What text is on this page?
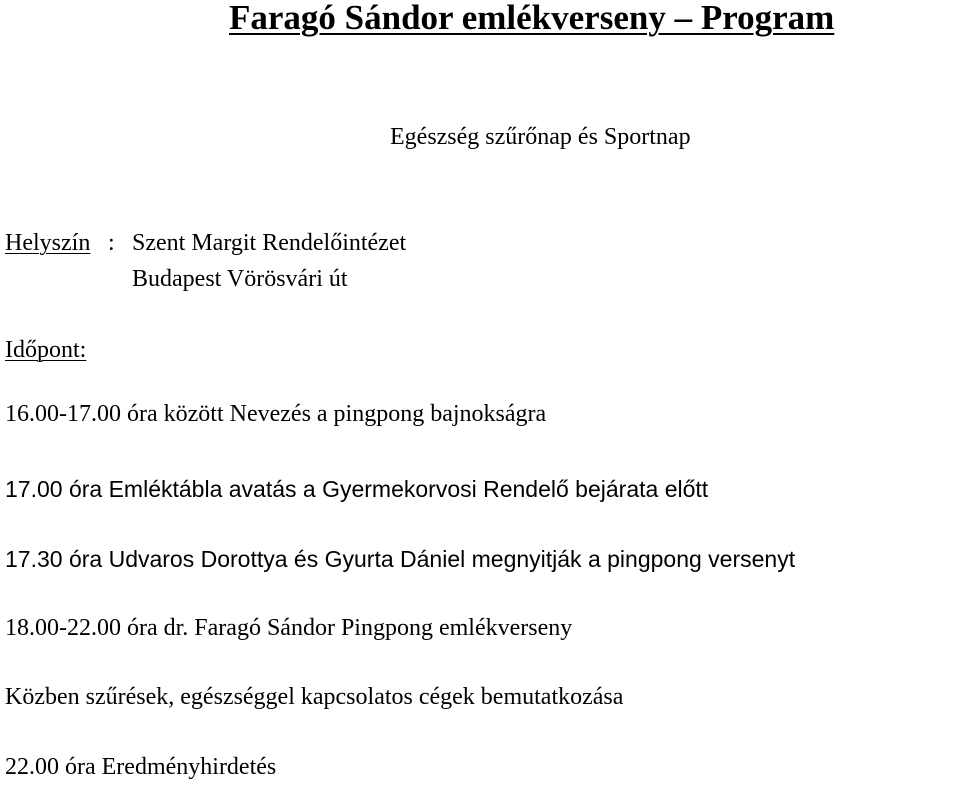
Faragó Sándor emlékverseny – Program
Egészség szűrőnap és Sportnap
Helyszín : Szent Margit Rendelőintézet
Budapest Vörösvári út
Időpont:
16.00-17.00 óra között Nevezés a pingpong bajnokságra
17.00 óra Emléktábla avatás a Gyermekorvosi Rendelő bejárata előtt
17.30 óra Udvaros Dorottya és Gyurta Dániel megnyitják a pingpong versenyt
18.00-22.00 óra dr. Faragó Sándor Pingpong emlékverseny
Közben szűrések, egészséggel kapcsolatos cégek bemutatkozása
22.00 óra Eredményhirdetés
